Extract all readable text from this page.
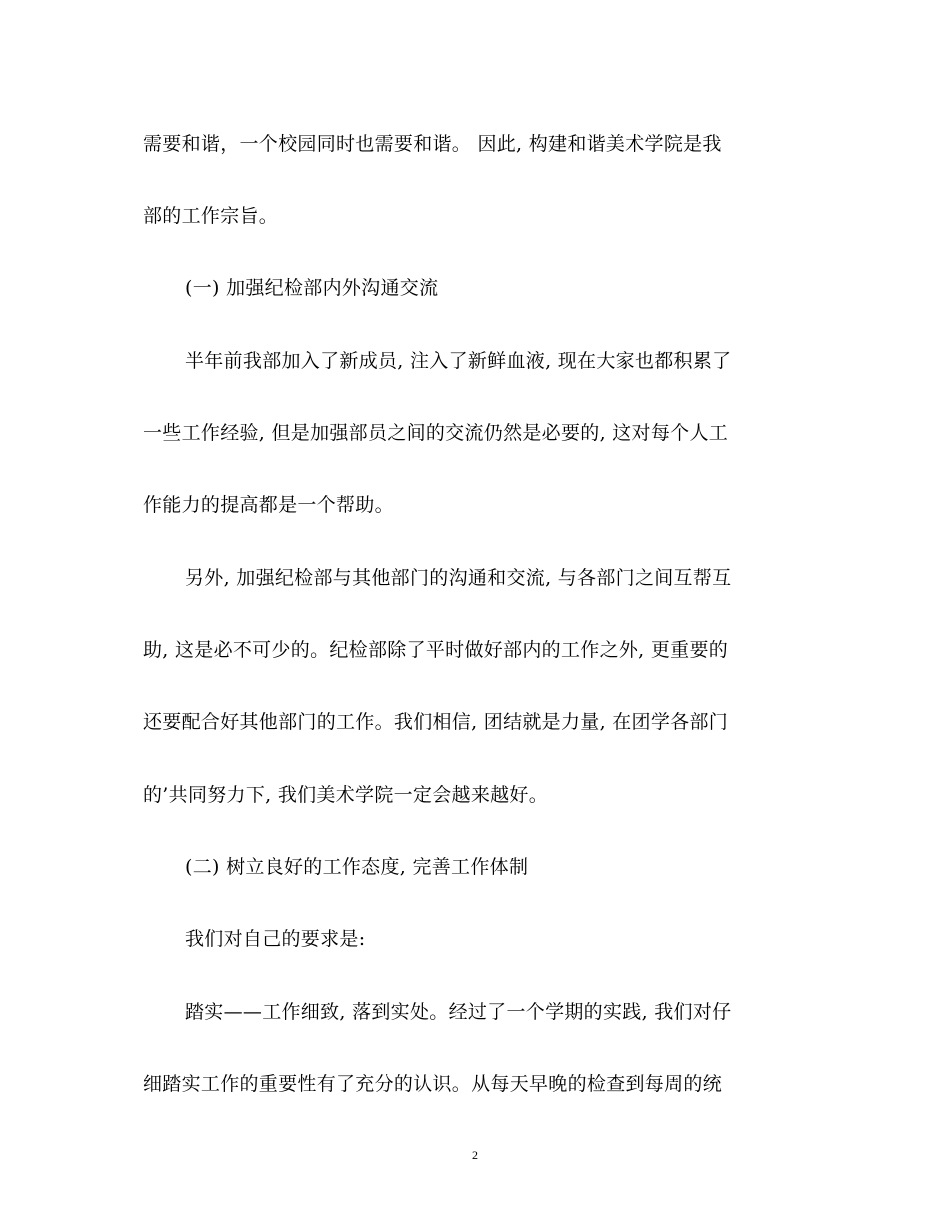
需要和谐，一个校园同时也需要和谐。 因此, 构建和谐美术学院是我
部的工作宗旨。
(一) 加强纪检部内外沟通交流
半年前我部加入了新成员, 注入了新鲜血液, 现在大家也都积累了
一些工作经验, 但是加强部员之间的交流仍然是必要的, 这对每个人工
作能力的提高都是一个帮助。
另外, 加强纪检部与其他部门的沟通和交流, 与各部门之间互帮互
助, 这是必不可少的。纪检部除了平时做好部内的工作之外, 更重要的
还要配合好其他部门的工作。我们相信, 团结就是力量, 在团学各部门
的’共同努力下, 我们美术学院一定会越来越好。
(二) 树立良好的工作态度, 完善工作体制
我们对自己的要求是:
踏实——工作细致, 落到实处。经过了一个学期的实践, 我们对仔
细踏实工作的重要性有了充分的认识。从每天早晚的检查到每周的统
2
